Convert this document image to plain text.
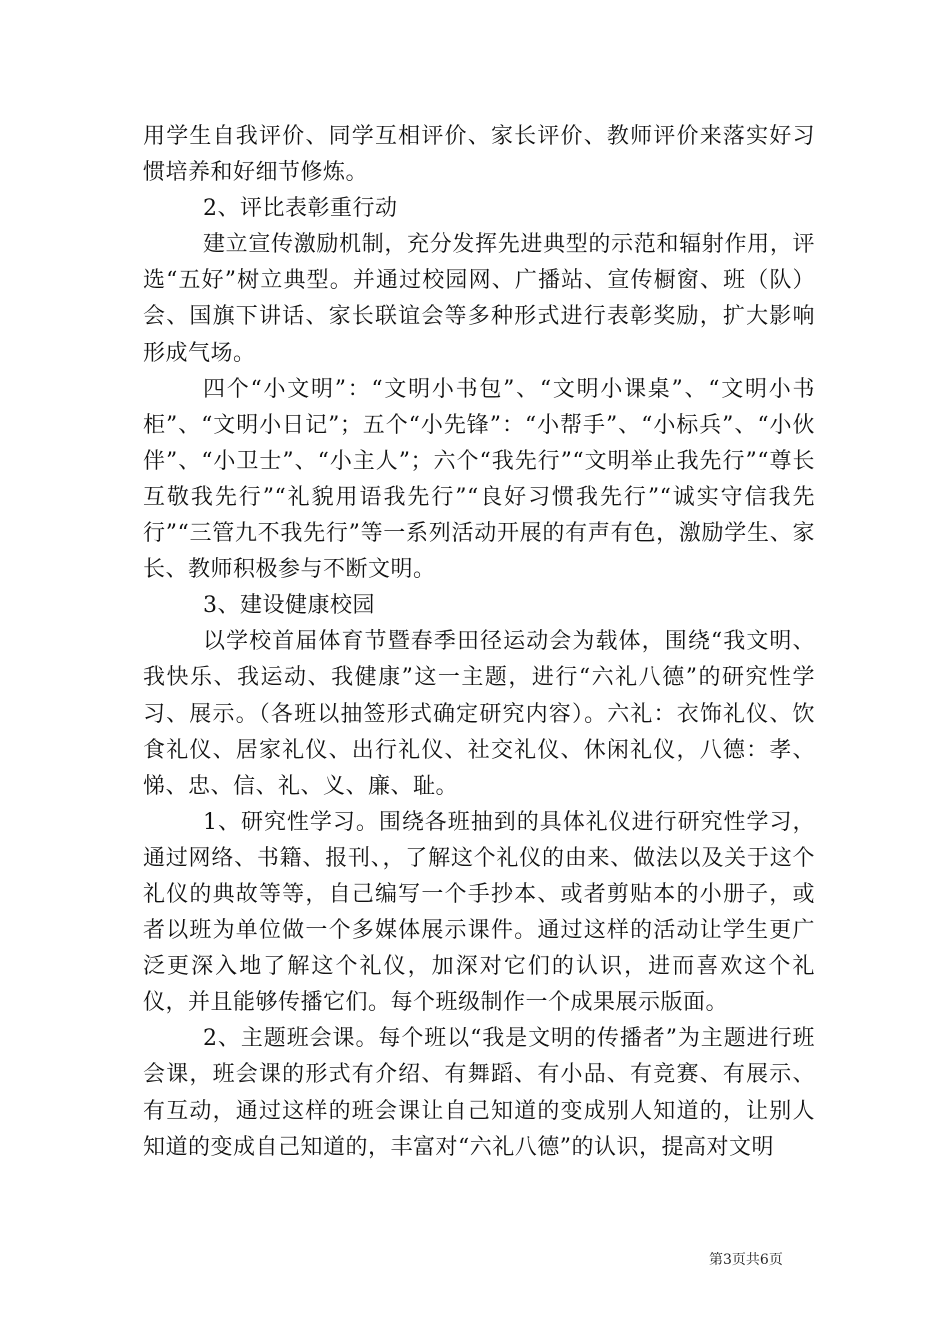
用学生自我评价、同学互相评价、家长评价、教师评价来落实好习惯培养和好细节修炼。

2、评比表彰重行动

建立宣传激励机制，充分发挥先进典型的示范和辐射作用，评选“五好”树立典型。并通过校园网、广播站、宣传橱窗、班（队）会、国旗下讲话、家长联谊会等多种形式进行表彰奖励，扩大影响形成气场。

四个“小文明”：“文明小书包”、“文明小课桌”、“文明小书柜”、“文明小日记”；五个“小先锋”：“小帮手”、“小标兵”、“小伙伴”、“小卫士”、“小主人”；六个“我先行”“文明举止我先行”“尊长互敬我先行”“礼貌用语我先行”“良好习惯我先行”“诚实守信我先行”“三管九不我先行”等一系列活动开展的有声有色，激励学生、家长、教师积极参与不断文明。

3、建设健康校园

以学校首届体育节暨春季田径运动会为载体，围绕“我文明、我快乐、我运动、我健康”这一主题，进行“六礼八德”的研究性学习、展示。（各班以抽签形式确定研究内容）。六礼：衣饰礼仪、饮食礼仪、居家礼仪、出行礼仪、社交礼仪、休闲礼仪，八德：孝、悌、忠、信、礼、义、廉、耻。

1、研究性学习。围绕各班抽到的具体礼仪进行研究性学习，通过网络、书籍、报刊、，了解这个礼仪的由来、做法以及关于这个礼仪的典故等等，自己编写一个手抄本、或者剪贴本的小册子，或者以班为单位做一个多媒体展示课件。通过这样的活动让学生更广泛更深入地了解这个礼仪，加深对它们的认识，进而喜欢这个礼仪，并且能够传播它们。每个班级制作一个成果展示版面。

2、主题班会课。每个班以“我是文明的传播者”为主题进行班会课，班会课的形式有介绍、有舞蹈、有小品、有竞赛、有展示、有互动，通过这样的班会课让自己知道的变成别人知道的，让别人知道的变成自己知道的，丰富对“六礼八德”的认识，提高对文明

第3页共6页
